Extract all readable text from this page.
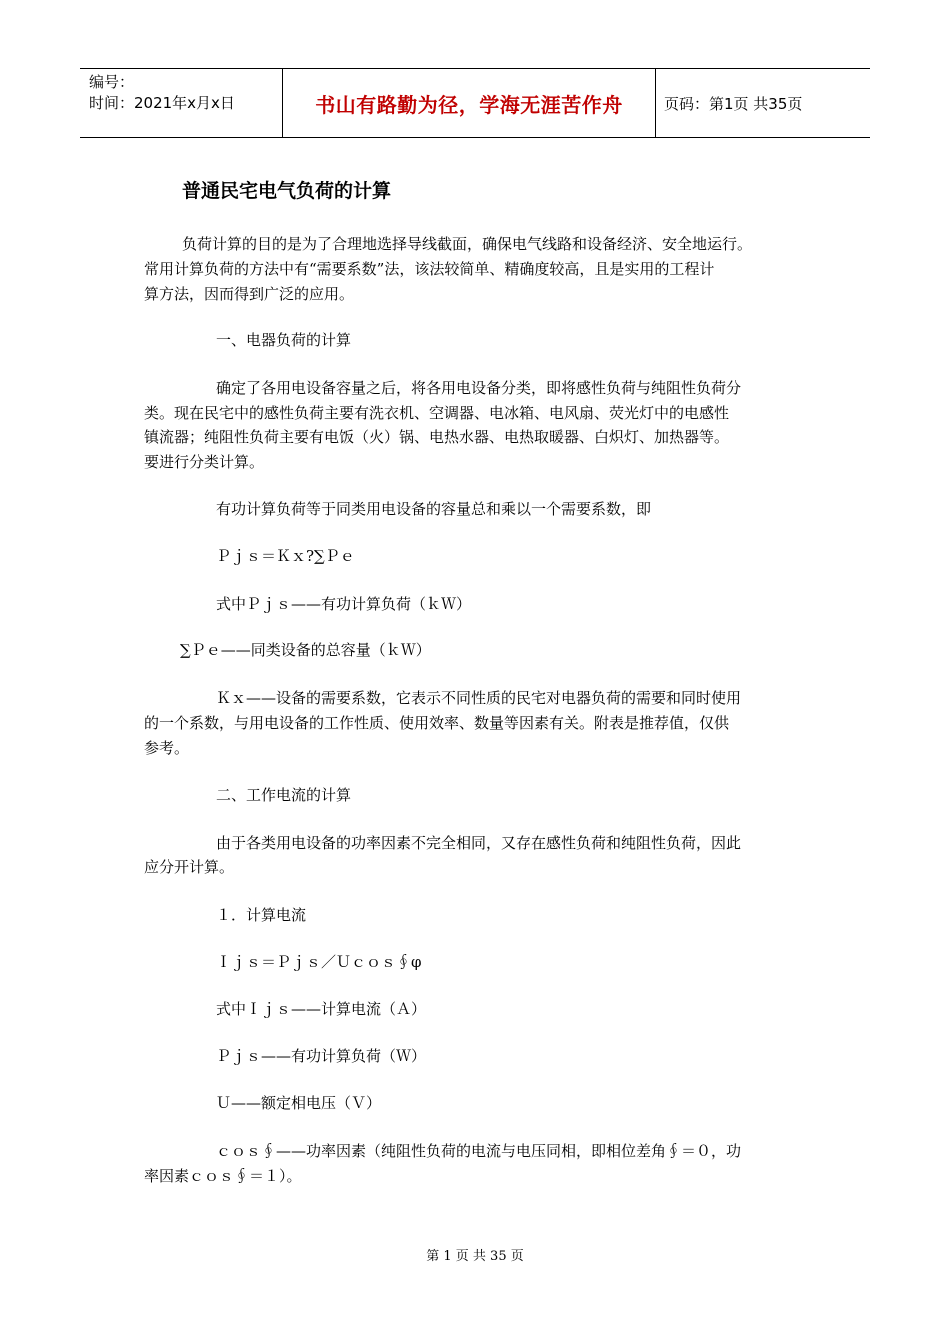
编号：
时间：2021年x月x日	书山有路勤为径，学海无涯苦作舟	页码：第1页 共35页
普通民宅电气负荷的计算
负荷计算的目的是为了合理地选择导线截面，确保电气线路和设备经济、安全地运行。
常用计算负荷的方法中有“需要系数”法，该法较简单、精确度较高，且是实用的工程计
算方法，因而得到广泛的应用。
一、电器负荷的计算
确定了各用电设备容量之后，将各用电设备分类，即将感性负荷与纯阻性负荷分
类。现在民宅中的感性负荷主要有洗衣机、空调器、电冰箱、电风扇、荧光灯中的电感性
镇流器；纯阻性负荷主要有电饭（火）锅、电热水器、电热取暖器、白炽灯、加热器等。
要进行分类计算。
有功计算负荷等于同类用电设备的容量总和乘以一个需要系数，即
Ｐｊｓ＝Ｋｘ?∑Ｐｅ
式中Ｐｊｓ——有功计算负荷（ｋＷ）
∑Ｐｅ——同类设备的总容量（ｋＷ）
Ｋｘ——设备的需要系数，它表示不同性质的民宅对电器负荷的需要和同时使用
的一个系数，与用电设备的工作性质、使用效率、数量等因素有关。附表是推荐值，仅供
参考。
二、工作电流的计算
由于各类用电设备的功率因素不完全相同，又存在感性负荷和纯阻性负荷，因此
应分开计算。
１．计算电流
Ｉｊｓ＝Ｐｊｓ／Ｕｃｏｓ∮φ
式中Ｉｊｓ——计算电流（Ａ）
Ｐｊｓ——有功计算负荷（Ｗ）
Ｕ——额定相电压（Ｖ）
ｃｏｓ∮——功率因素（纯阻性负荷的电流与电压同相，即相位差角∮＝０，功
率因素ｃｏｓ∮＝１）。
第 1 页 共 35 页
